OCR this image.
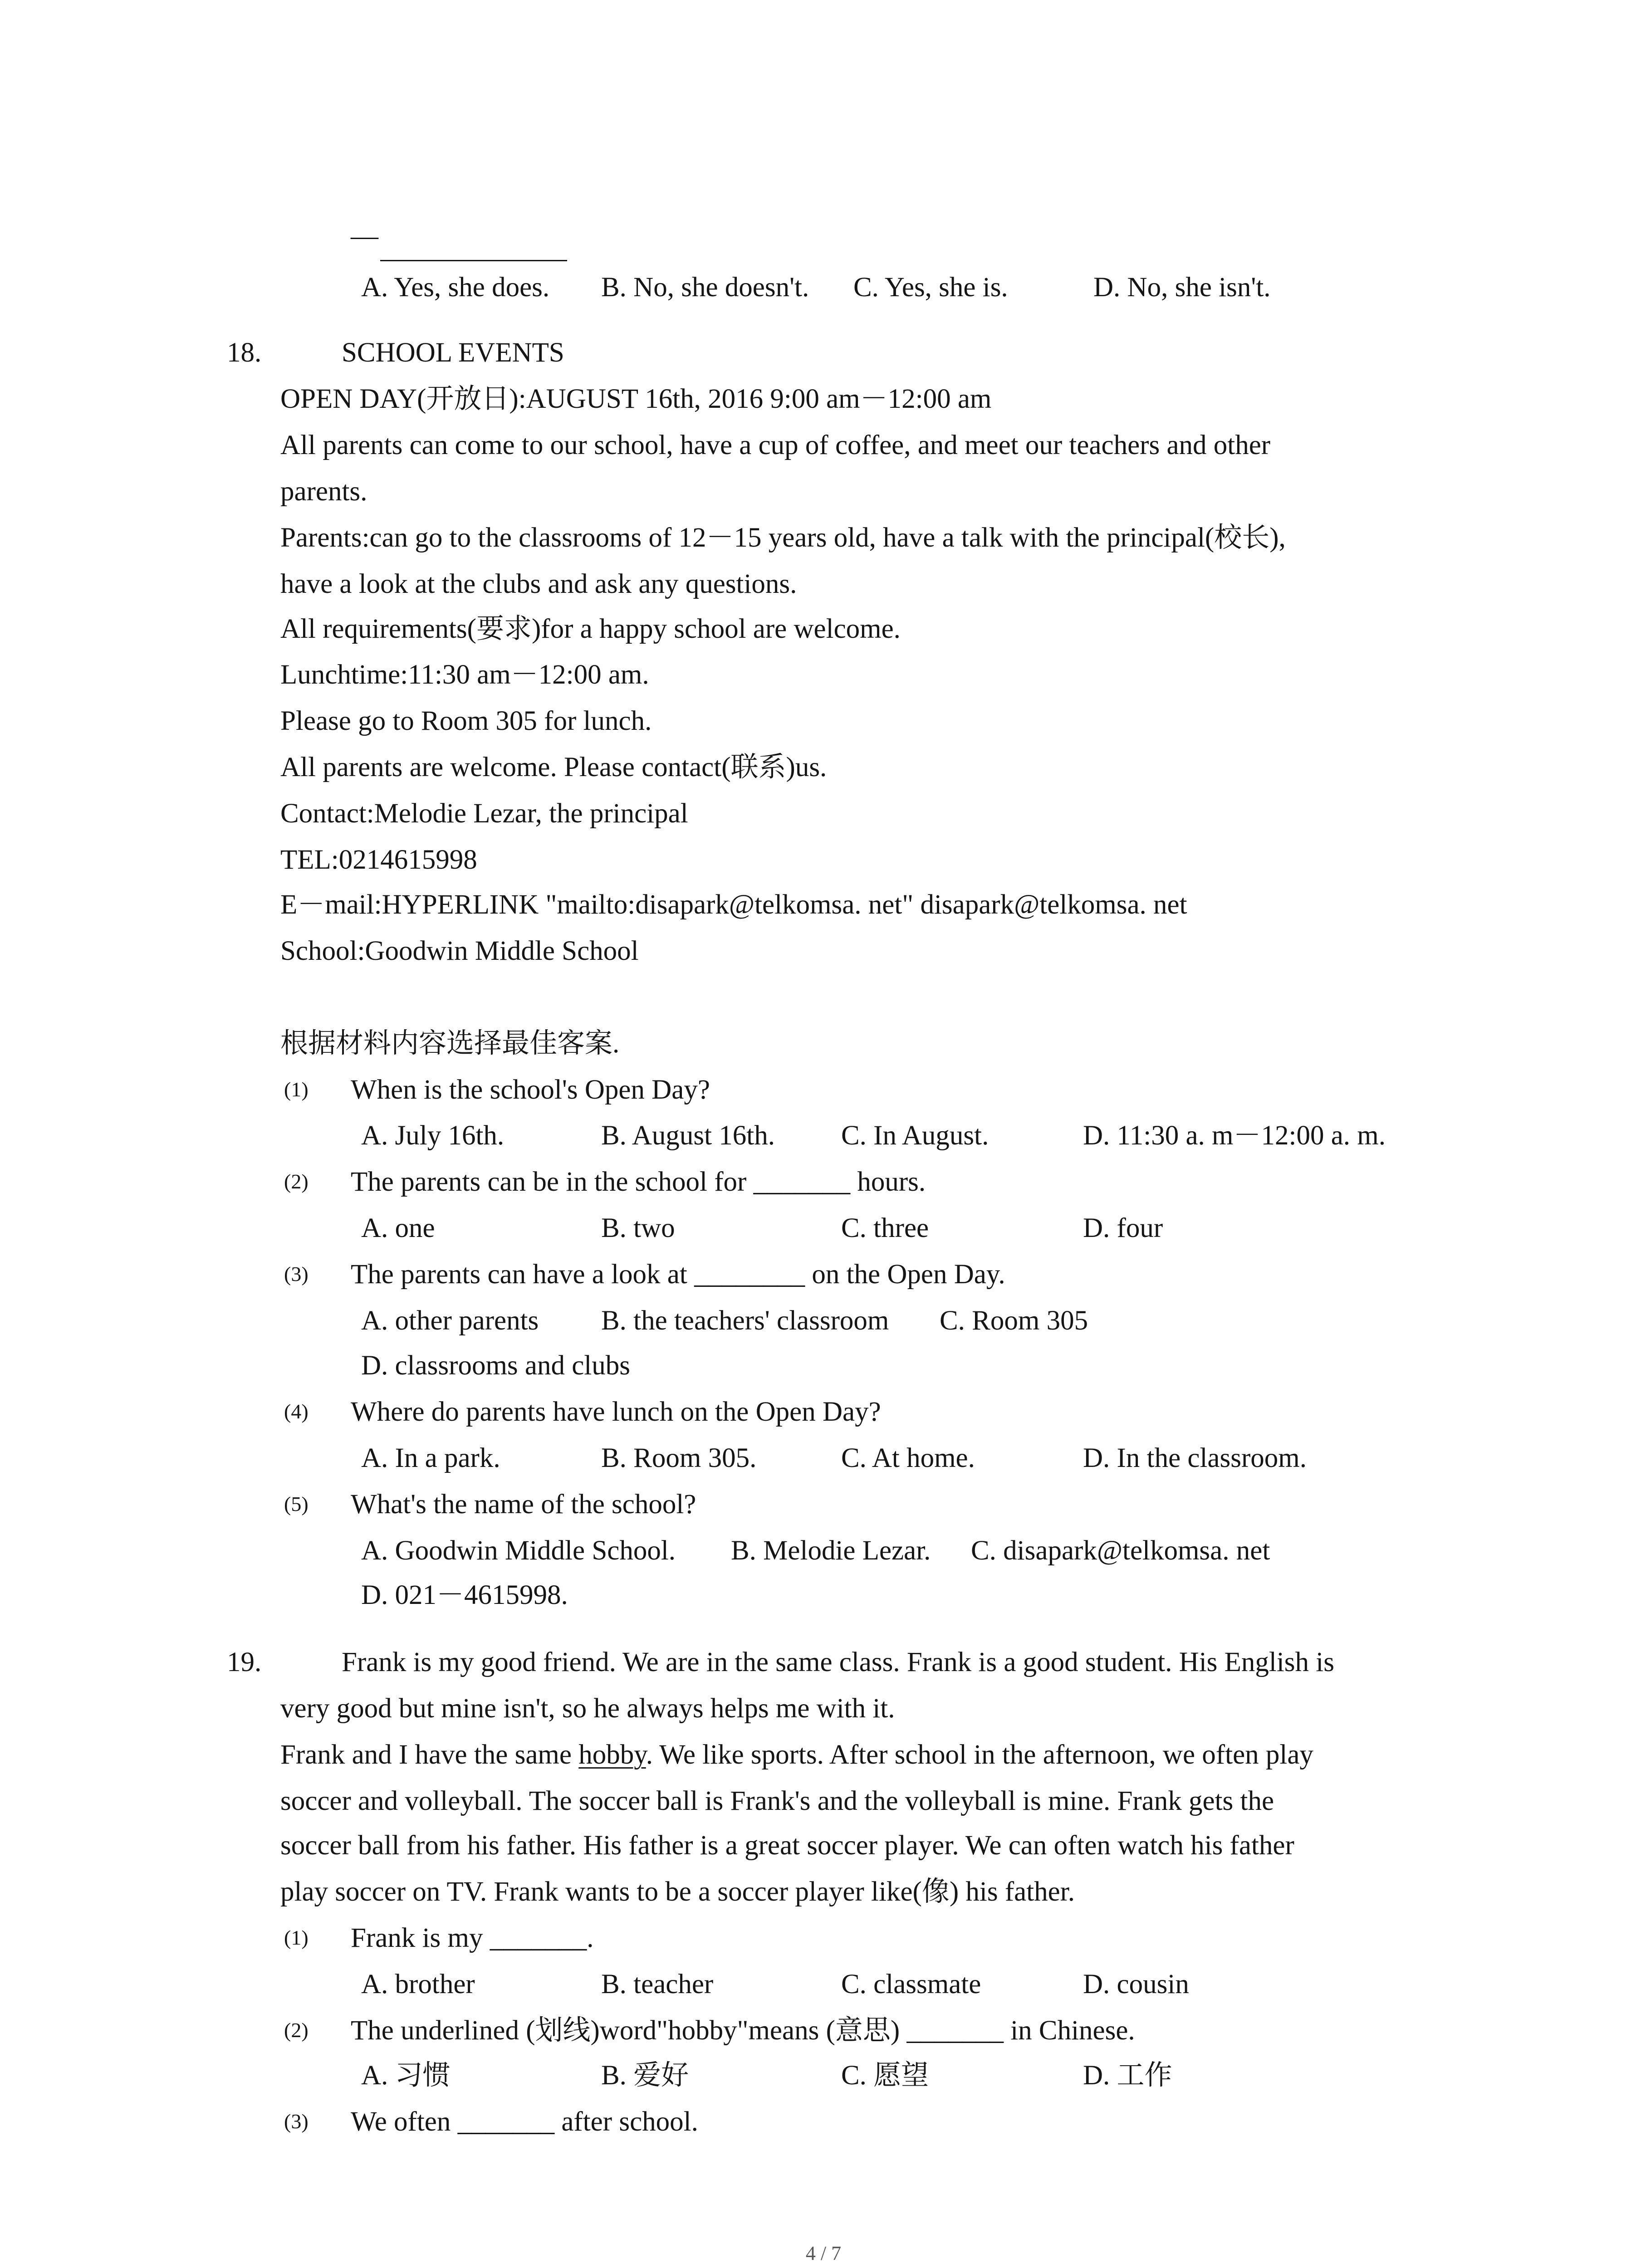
—
A. Yes, she does. B. No, she doesn't. C. Yes, she is.	D. No, she isn't.
18.	SCHOOL EVENTS
OPEN DAY(开放日):AUGUST 16th, 2016 9:00 am－12:00 am
All parents can come to our school, have a cup of coffee, and meet our teachers and other
parents.
Parents:can go to the classrooms of 12－15 years old, have a talk with the principal(校长),
have a look at the clubs and ask any questions.
All requirements(要求)for a happy school are welcome.
Lunchtime:11:30 am－12:00 am.
Please go to Room 305 for lunch.
All parents are welcome. Please contact(联系)us.
Contact:Melodie Lezar, the principal
TEL:0214615998
E－mail:HYPERLINK "mailto:disapark@telkomsa. net" disapark@telkomsa. net
School:Goodwin Middle School
根据材料内容选择最佳客案.
(1) When is the school's Open Day?
A. July 16th.	B. August 16th. C. In August.	D. 11:30 a. m－12:00 a. m.
(2) The parents can be in the school for _______ hours.
A. one	B. two	C. three	D. four
(3) The parents can have a look at ________ on the Open Day.
A. other parents B. the teachers' classroom C. Room 305
D. classrooms and clubs
(4) Where do parents have lunch on the Open Day?
A. In a park.	B. Room 305.	C. At home.	D. In the classroom.
(5) What's the name of the school?
A. Goodwin Middle School. B. Melodie Lezar. C. disapark@telkomsa. net
D. 021－4615998.
19.	Frank is my good friend. We are in the same class. Frank is a good student. His English is
very good but mine isn't, so he always helps me with it.
Frank and I have the same hobby. We like sports. After school in the afternoon, we often play
soccer and volleyball. The soccer ball is Frank's and the volleyball is mine. Frank gets the
soccer ball from his father. His father is a great soccer player. We can often watch his father
play soccer on TV. Frank wants to be a soccer player like(像) his father.
(1) Frank is my _______.
A. brother	B. teacher	C. classmate	D. cousin
(2) The underlined (划线)word"hobby"means (意思) _______ in Chinese.
A. 习惯	B. 爱好	C. 愿望	D. 工作
(3) We often _______ after school.
4 / 7
